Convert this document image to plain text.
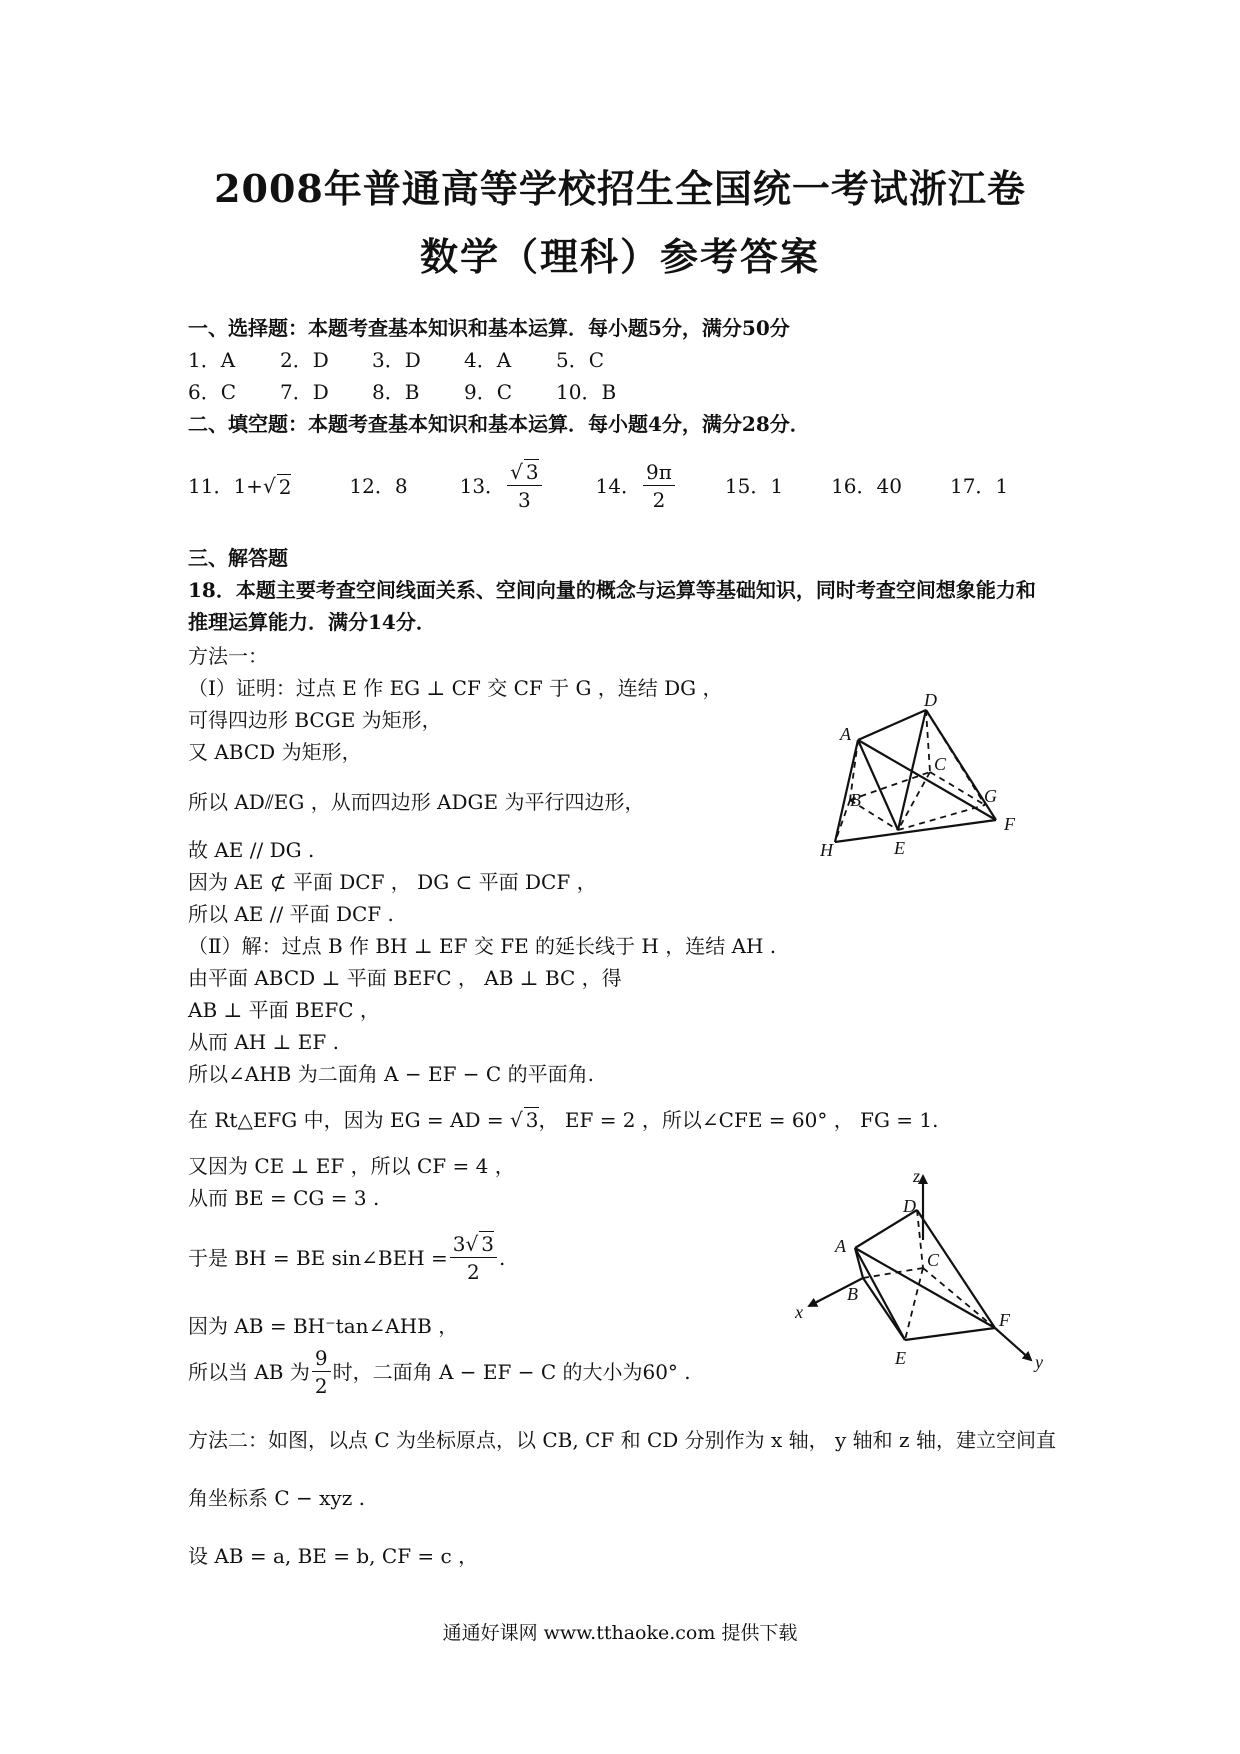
2008年普通高等学校招生全国统一考试浙江卷
数学（理科）参考答案
一、选择题：本题考查基本知识和基本运算．每小题5分，满分50分
1．A 2．D 3．D 4．A 5．C
6．C 7．D 8．B 9．C 10．B
二、填空题：本题考查基本知识和基本运算．每小题4分，满分28分．
11． 1+ √ 2	12．8	13． $\frac{√ 3}{3}$	14． $\frac{9\pi}{2}$	15．1 16．40 17．1
三、解答题
18．本题主要考查空间线面关系、空间向量的概念与运算等基础知识，同时考查空间想象能力和
推理运算能力．满分14分．
方法一：
（Ⅰ）证明：过点 E 作 EG ⊥ CF 交 CF 于 G ，连结 DG ，
可得四边形 BCGE 为矩形，
又 ABCD 为矩形，
所以 AD⫽EG ，从而四边形 ADGE 为平行四边形，
故 AE // DG .
因为 AE ⊄ 平面 DCF ， DG ⊂ 平面 DCF ，
所以 AE // 平面 DCF .
（Ⅱ）解：过点 B 作 BH ⊥ EF 交 FE 的延长线于 H ，连结 AH .
由平面 ABCD ⊥ 平面 BEFC ， AB ⊥ BC ，得
AB ⊥ 平面 BEFC ，
从而 AH ⊥ EF .
所以∠AHB 为二面角 A − EF − C 的平面角.
在 Rt△EFG 中，因为 EG = AD = √ 3， EF = 2 ，所以∠CFE = 60° ， FG = 1.
又因为 CE ⊥ EF ，所以 CF = 4 ，
从而 BE = CG = 3 .
于是 BH = BE sin∠BEH = $\frac{3√ 3}{2}$ .
因为 AB = BH⁻tan∠AHB ，
所以当 AB 为 $\frac{9}{2}$ 时，二面角 A − EF − C 的大小为60° .
方法二：如图，以点 C 为坐标原点，以 CB, CF 和 CD 分别作为 x 轴， y 轴和 z 轴，建立空间直
角坐标系 C − xyz .
设 AB = a, BE = b, CF = c ，
A
B
C
D
E
F
G
H
A
B
C
D
E
F
x
y
z
通通好课网 www.tthaoke.com 提供下载
